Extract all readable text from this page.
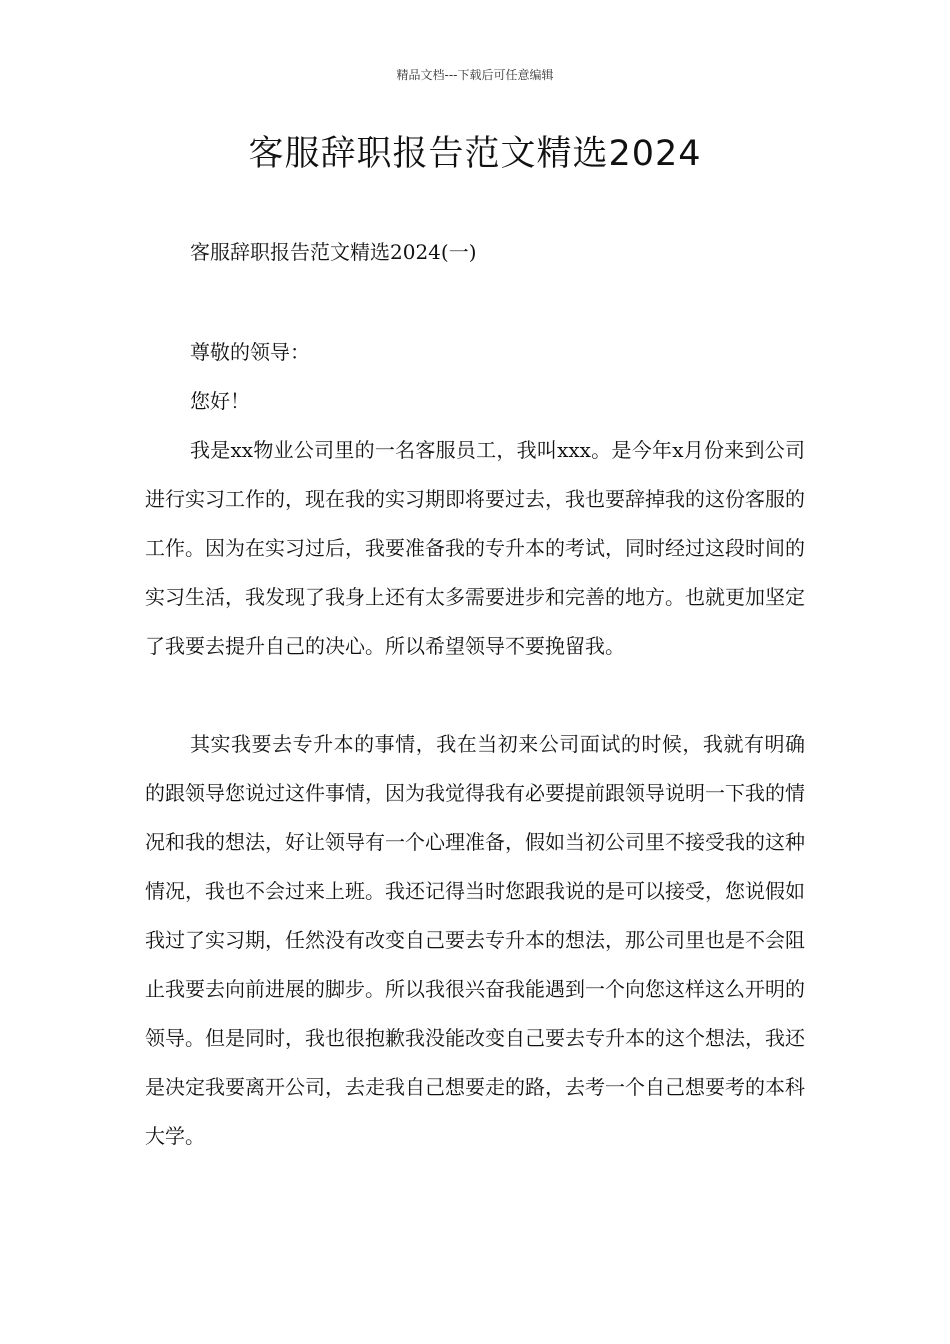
精品文档---下载后可任意编辑
客服辞职报告范文精选2024
客服辞职报告范文精选2024(一)
尊敬的领导：
您好！

我是xx物业公司里的一名客服员工，我叫xxx。是今年x月份来到公司进行实习工作的，现在我的实习期即将要过去，我也要辞掉我的这份客服的工作。因为在实习过后，我要准备我的专升本的考试，同时经过这段时间的实习生活，我发现了我身上还有太多需要进步和完善的地方。也就更加坚定了我要去提升自己的决心。所以希望领导不要挽留我。

其实我要去专升本的事情，我在当初来公司面试的时候，我就有明确的跟领导您说过这件事情，因为我觉得我有必要提前跟领导说明一下我的情况和我的想法，好让领导有一个心理准备，假如当初公司里不接受我的这种情况，我也不会过来上班。我还记得当时您跟我说的是可以接受，您说假如我过了实习期，任然没有改变自己要去专升本的想法，那公司里也是不会阻止我要去向前进展的脚步。所以我很兴奋我能遇到一个向您这样这么开明的领导。但是同时，我也很抱歉我没能改变自己要去专升本的这个想法，我还是决定我要离开公司，去走我自己想要走的路，去考一个自己想要考的本科大学。
